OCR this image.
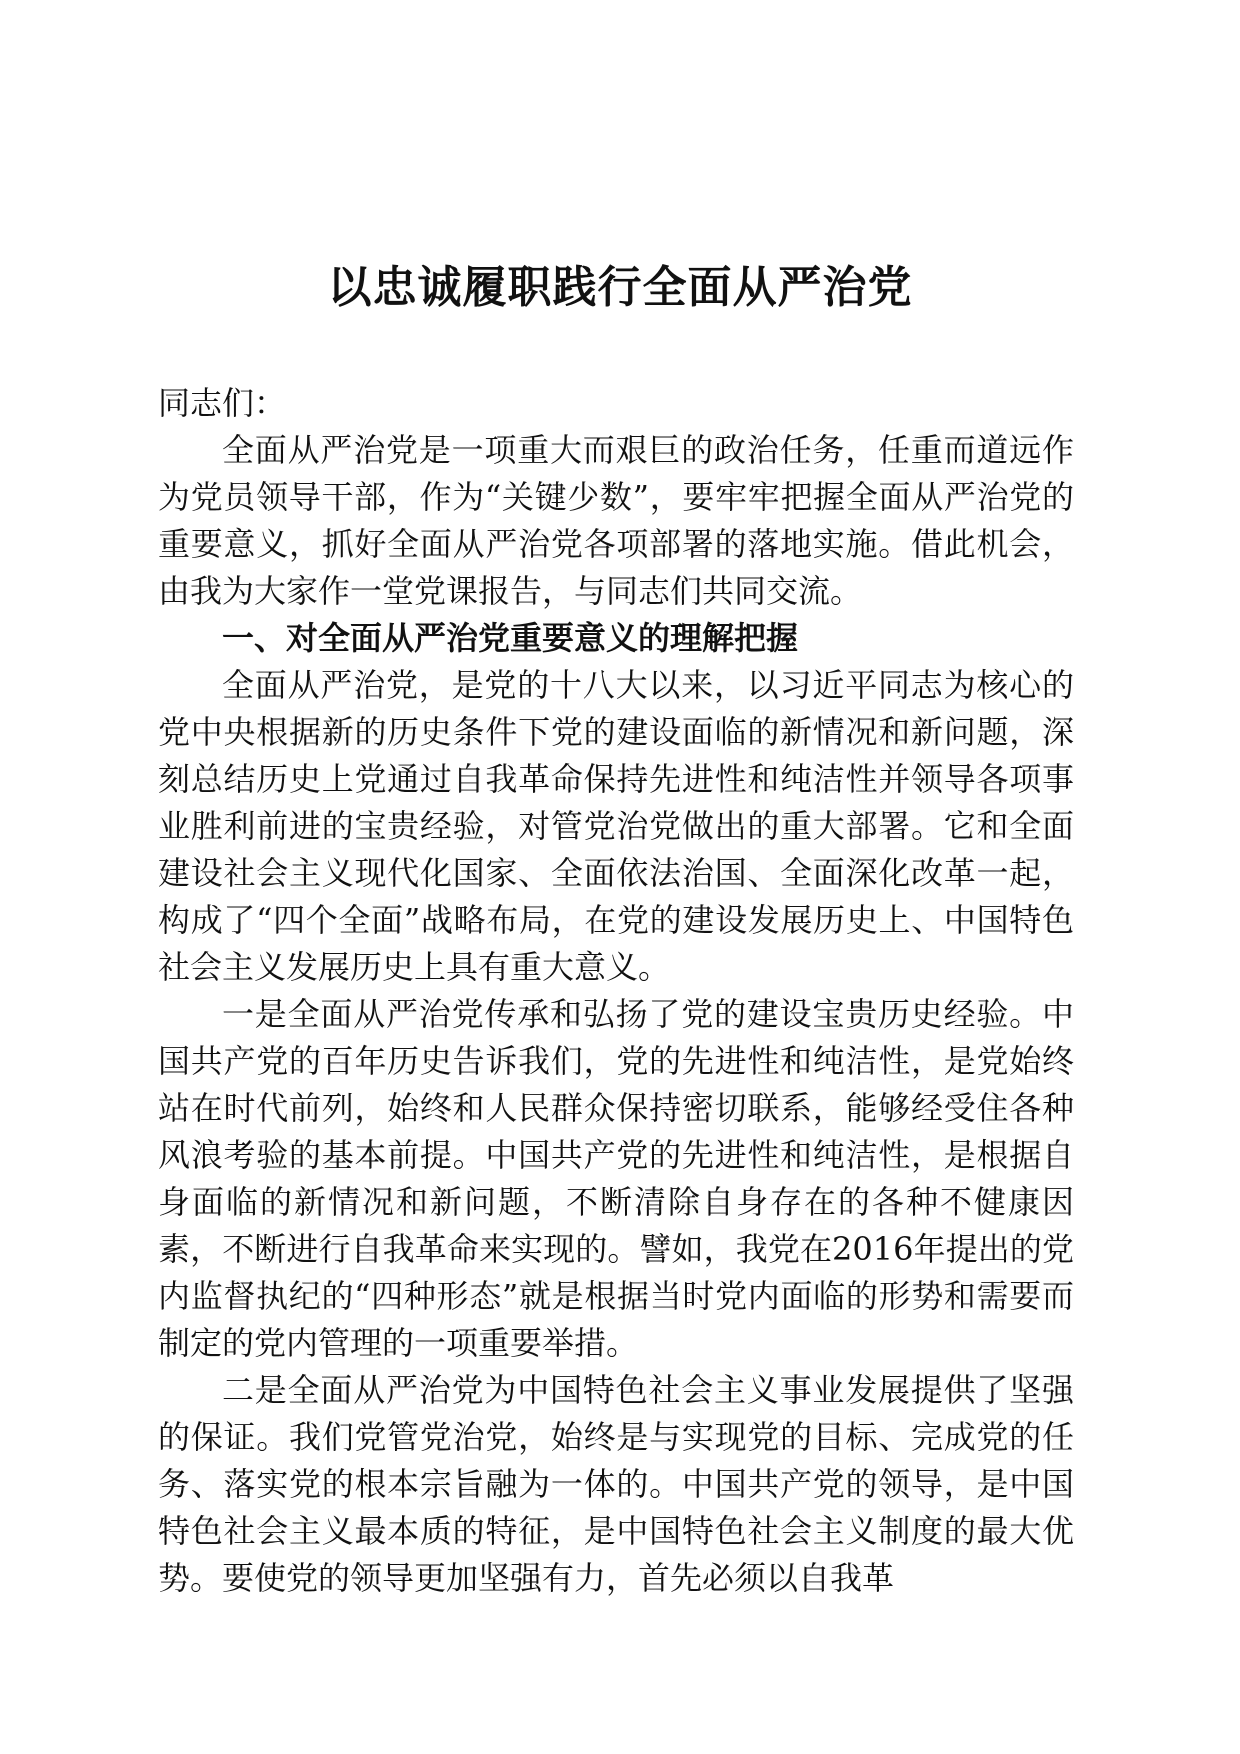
以忠诚履职践行全面从严治党

同志们：

全面从严治党是一项重大而艰巨的政治任务，任重而道远作为党员领导干部，作为“关键少数”，要牢牢把握全面从严治党的重要意义，抓好全面从严治党各项部署的落地实施。借此机会，由我为大家作一堂党课报告，与同志们共同交流。

一、对全面从严治党重要意义的理解把握

全面从严治党，是党的十八大以来，以习近平同志为核心的党中央根据新的历史条件下党的建设面临的新情况和新问题，深刻总结历史上党通过自我革命保持先进性和纯洁性并领导各项事业胜利前进的宝贵经验，对管党治党做出的重大部署。它和全面建设社会主义现代化国家、全面依法治国、全面深化改革一起，构成了“四个全面”战略布局，在党的建设发展历史上、中国特色社会主义发展历史上具有重大意义。

一是全面从严治党传承和弘扬了党的建设宝贵历史经验。中国共产党的百年历史告诉我们，党的先进性和纯洁性，是党始终站在时代前列，始终和人民群众保持密切联系，能够经受住各种风浪考验的基本前提。中国共产党的先进性和纯洁性，是根据自身面临的新情况和新问题，不断清除自身存在的各种不健康因素，不断进行自我革命来实现的。譬如，我党在2016年提出的党内监督执纪的“四种形态”就是根据当时党内面临的形势和需要而制定的党内管理的一项重要举措。

二是全面从严治党为中国特色社会主义事业发展提供了坚强的保证。我们党管党治党，始终是与实现党的目标、完成党的任务、落实党的根本宗旨融为一体的。中国共产党的领导，是中国特色社会主义最本质的特征，是中国特色社会主义制度的最大优势。要使党的领导更加坚强有力，首先必须以自我革
